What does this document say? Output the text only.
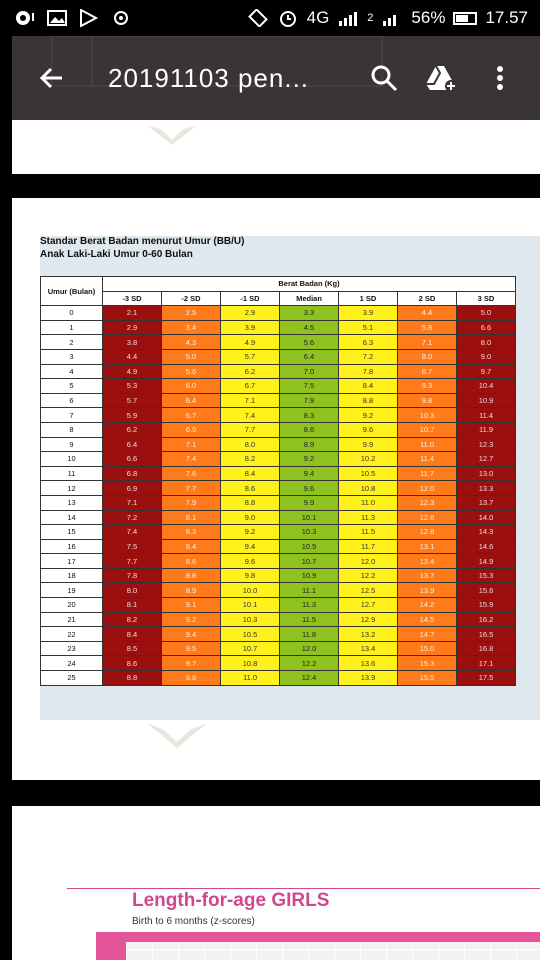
4G	2 56% 17.57
20191103 pen...
Standar Berat Badan menurut Umur (BB/U)
Anak Laki-Laki Umur 0-60 Bulan
Umur (Bulan)	Berat Badan (Kg)						
	-3 SD	-2 SD	-1 SD	Median	1 SD	2 SD	3 SD
0	2.1	2.5	2.9	3.3	3.9	4.4	5.0
1	2.9	3.4	3.9	4.5	5.1	5.8	6.6
2	3.8	4.3	4.9	5.6	6.3	7.1	8.0
3	4.4	5.0	5.7	6.4	7.2	8.0	9.0
4	4.9	5.6	6.2	7.0	7.8	8.7	9.7
5	5.3	6.0	6.7	7.5	8.4	9.3	10.4
6	5.7	6.4	7.1	7.9	8.8	9.8	10.9
7	5.9	6.7	7.4	8.3	9.2	10.3	11.4
8	6.2	6.9	7.7	8.6	9.6	10.7	11.9
9	6.4	7.1	8.0	8.9	9.9	11.0	12.3
10	6.6	7.4	8.2	9.2	10.2	11.4	12.7
11	6.8	7.6	8.4	9.4	10.5	11.7	13.0
12	6.9	7.7	8.6	9.6	10.8	12.0	13.3
13	7.1	7.9	8.8	9.9	11.0	12.3	13.7
14	7.2	8.1	9.0	10.1	11.3	12.6	14.0
15	7.4	8.3	9.2	10.3	11.5	12.8	14.3
16	7.5	8.4	9.4	10.5	11.7	13.1	14.6
17	7.7	8.6	9.6	10.7	12.0	13.4	14.9
18	7.8	8.8	9.8	10.9	12.2	13.7	15.3
19	8.0	8.9	10.0	11.1	12.5	13.9	15.6
20	8.1	9.1	10.1	11.3	12.7	14.2	15.9
21	8.2	9.2	10.3	11.5	12.9	14.5	16.2
22	8.4	9.4	10.5	11.8	13.2	14.7	16.5
23	8.5	9.5	10.7	12.0	13.4	15.0	16.8
24	8.6	9.7	10.8	12.2	13.6	15.3	17.1
25	8.8	9.8	11.0	12.4	13.9	15.5	17.5
Length-for-age GIRLS
Birth to 6 months (z-scores)
